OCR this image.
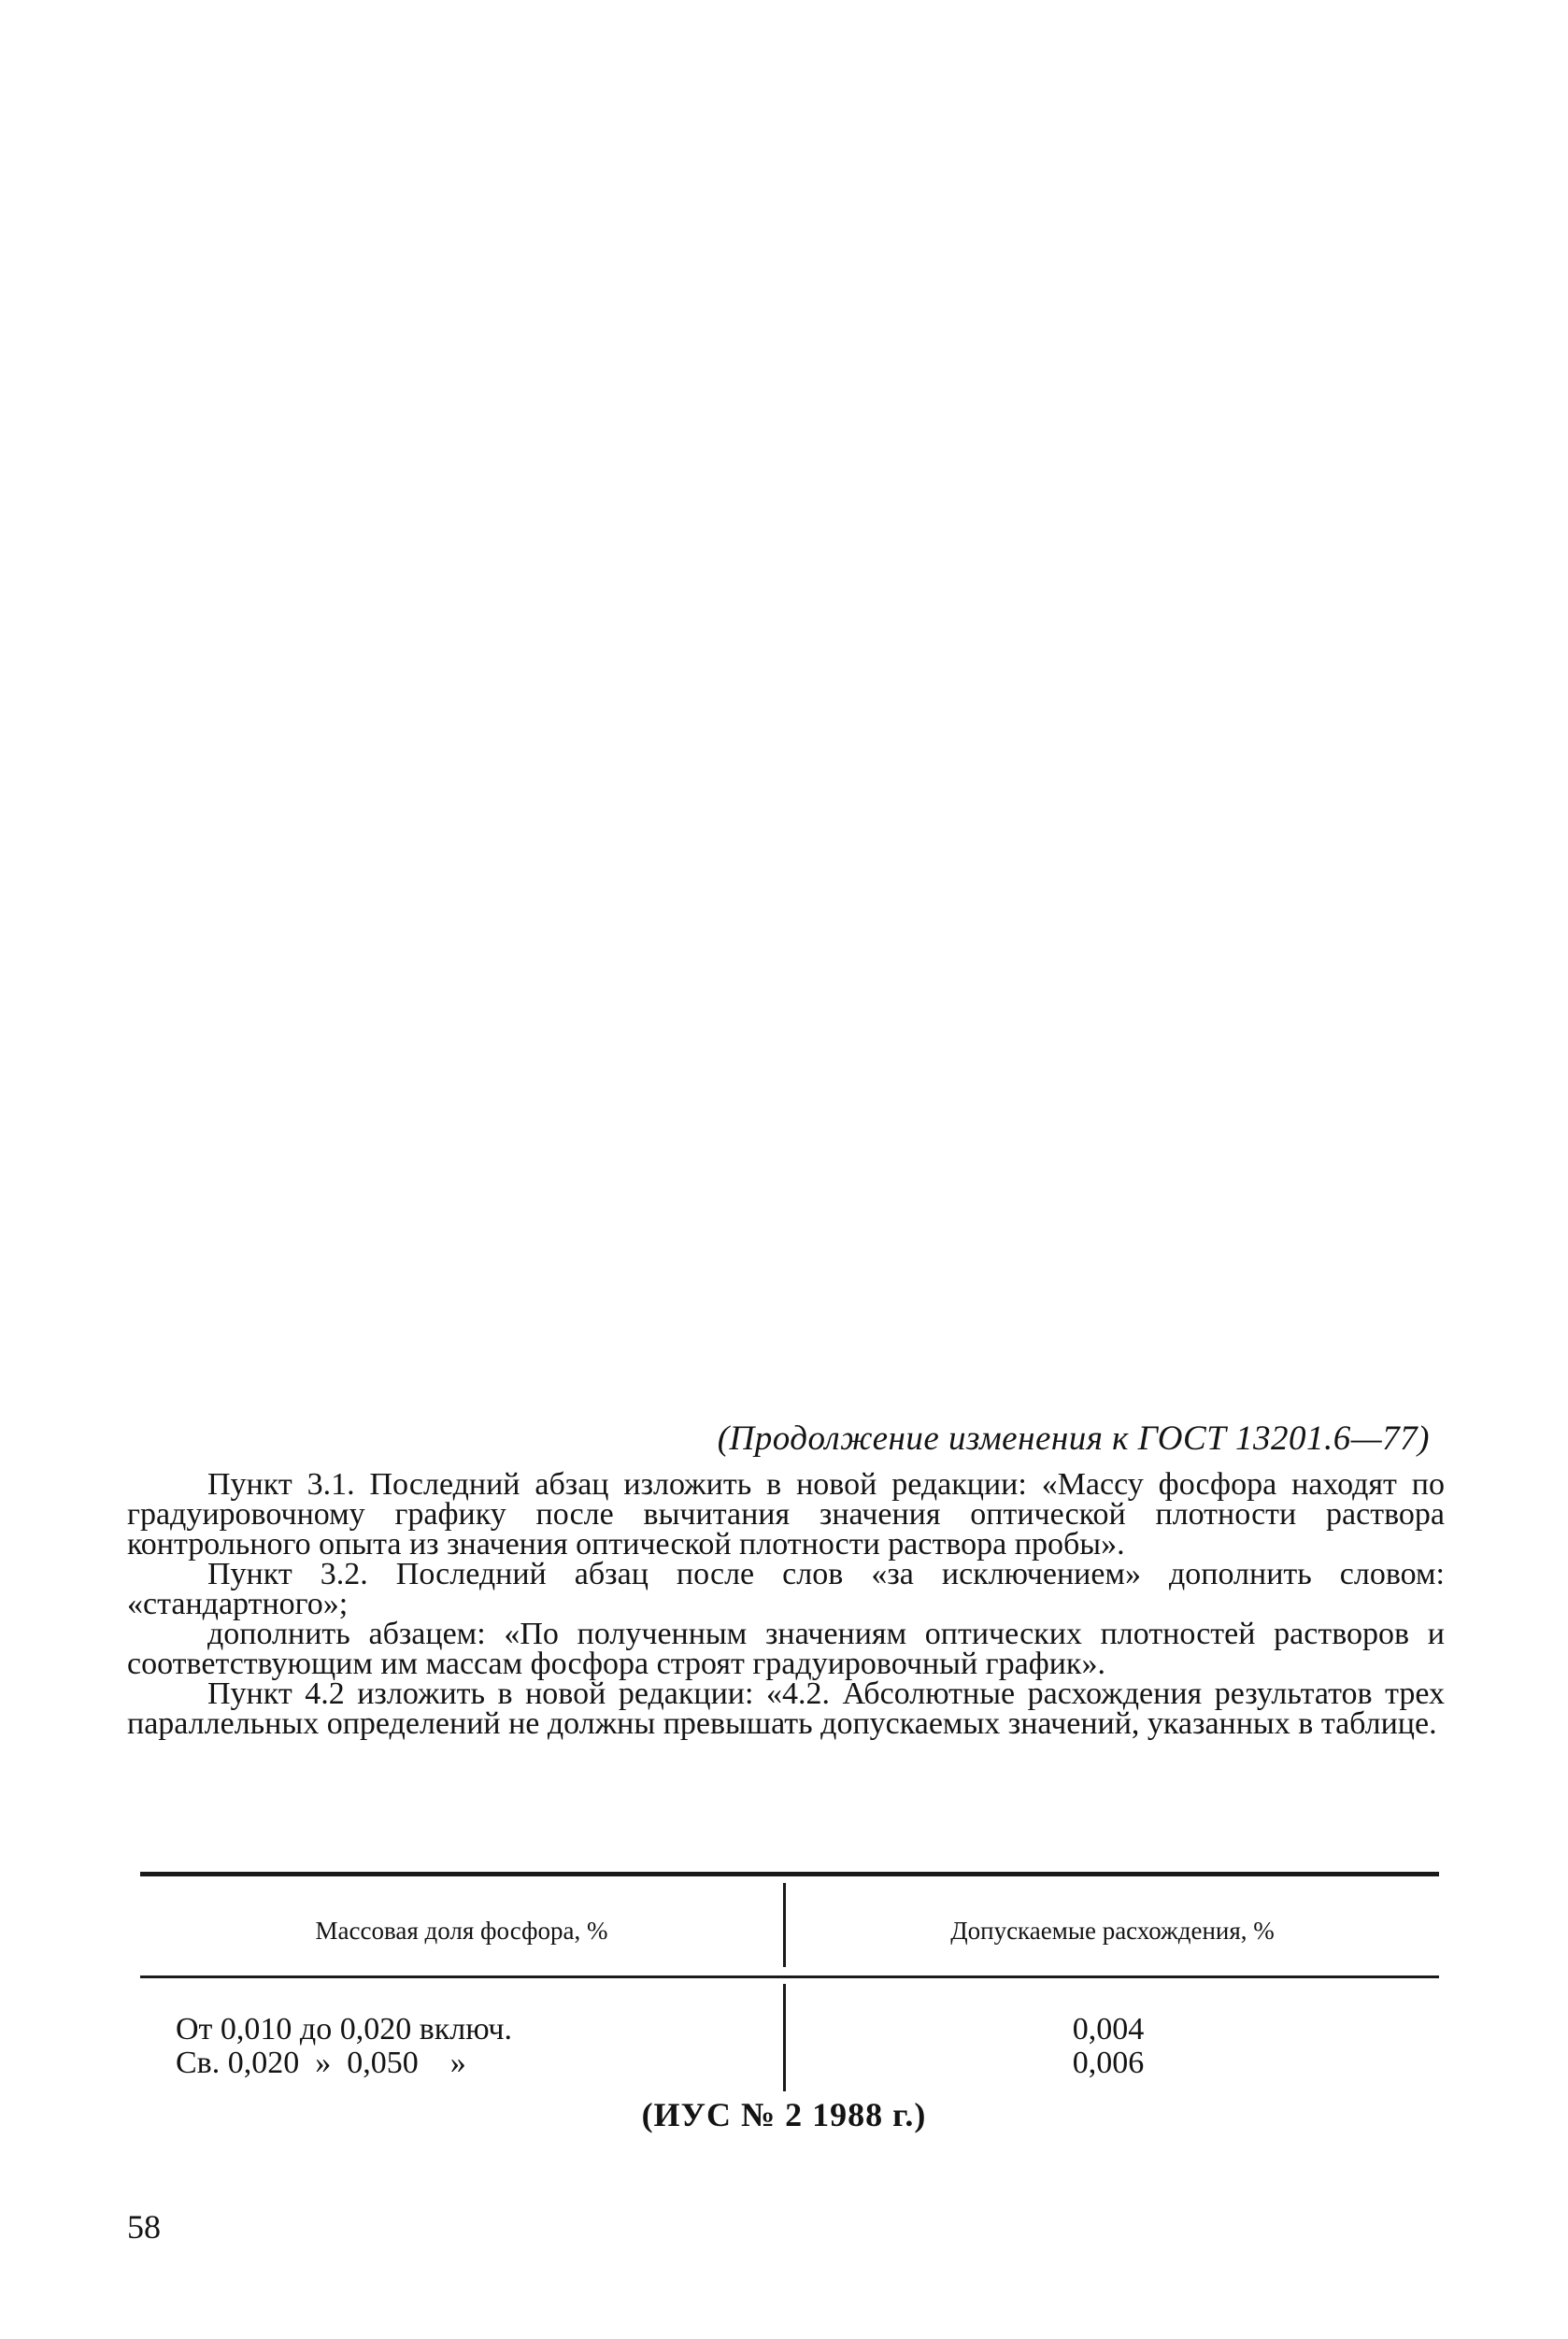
(Продолжение изменения к ГОСТ 13201.6—77)

Пункт 3.1. Последний абзац изложить в новой редакции: «Массу фосфора находят по градуировочному графику после вычитания значения оптической плотности раствора контрольного опыта из значения оптической плотности раствора пробы».

Пункт 3.2. Последний абзац после слов «за исключением» дополнить словом: «стандартного»;

дополнить абзацем: «По полученным значениям оптических плотностей растворов и соответствующим им массам фосфора строят градуировочный график».

Пункт 4.2 изложить в новой редакции: «4.2. Абсолютные расхождения результатов трех параллельных определений не должны превышать допускаемых значений, указанных в таблице.

Массовая доля фосфора, %	Допускаемые расхождения, %
От 0,010 до 0,020 включ.	0,004
Св. 0,020  »  0,050    »	0,006
(ИУС № 2 1988 г.)
58
